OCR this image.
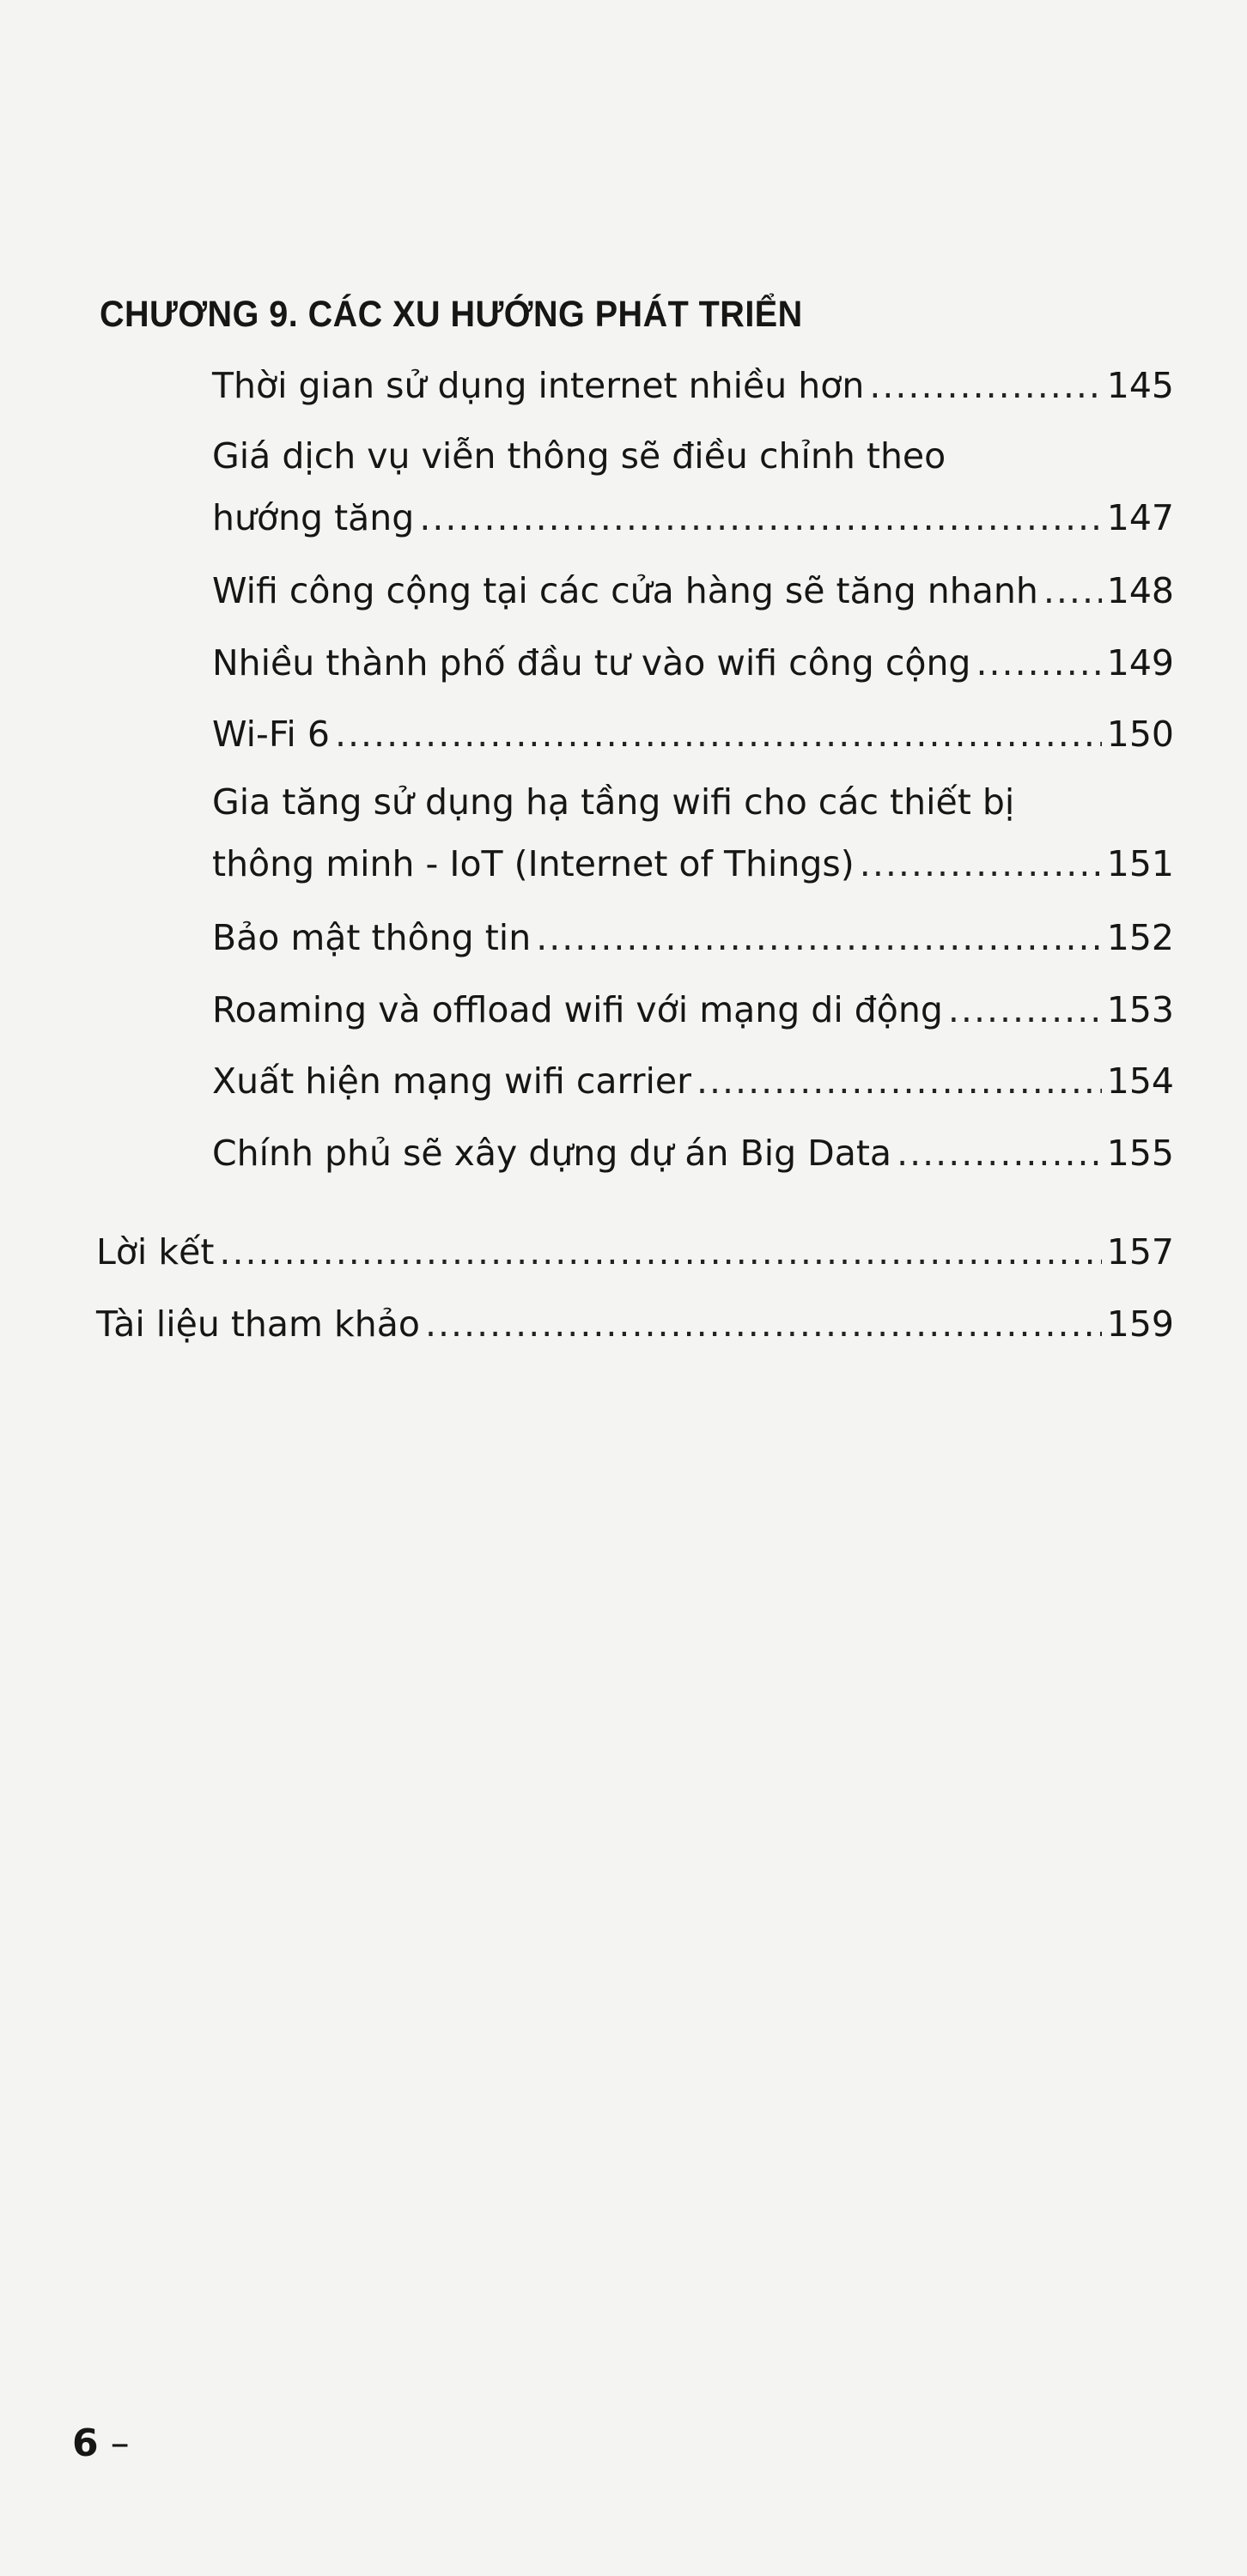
CHƯƠNG 9. CÁC XU HƯỚNG PHÁT TRIỂN
Thời gian sử dụng internet nhiều hơn .....	145
Giá dịch vụ viễn thông sẽ điều chỉnh theo
hướng tăng .....	147
Wifi công cộng tại các cửa hàng sẽ tăng nhanh ..... 148
Nhiều thành phố đầu tư vào wifi công cộng .....	149
Wi-Fi 6 .....	150
Gia tăng sử dụng hạ tầng wifi cho các thiết bị
thông minh - IoT (Internet of Things) .....	151
Bảo mật thông tin .....	152
Roaming và offload wifi với mạng di động .....	153
Xuất hiện mạng wifi carrier .....	154
Chính phủ sẽ xây dựng dự án Big Data .....	155
Lời kết .....	157
Tài liệu tham khảo .....	159
6 –
